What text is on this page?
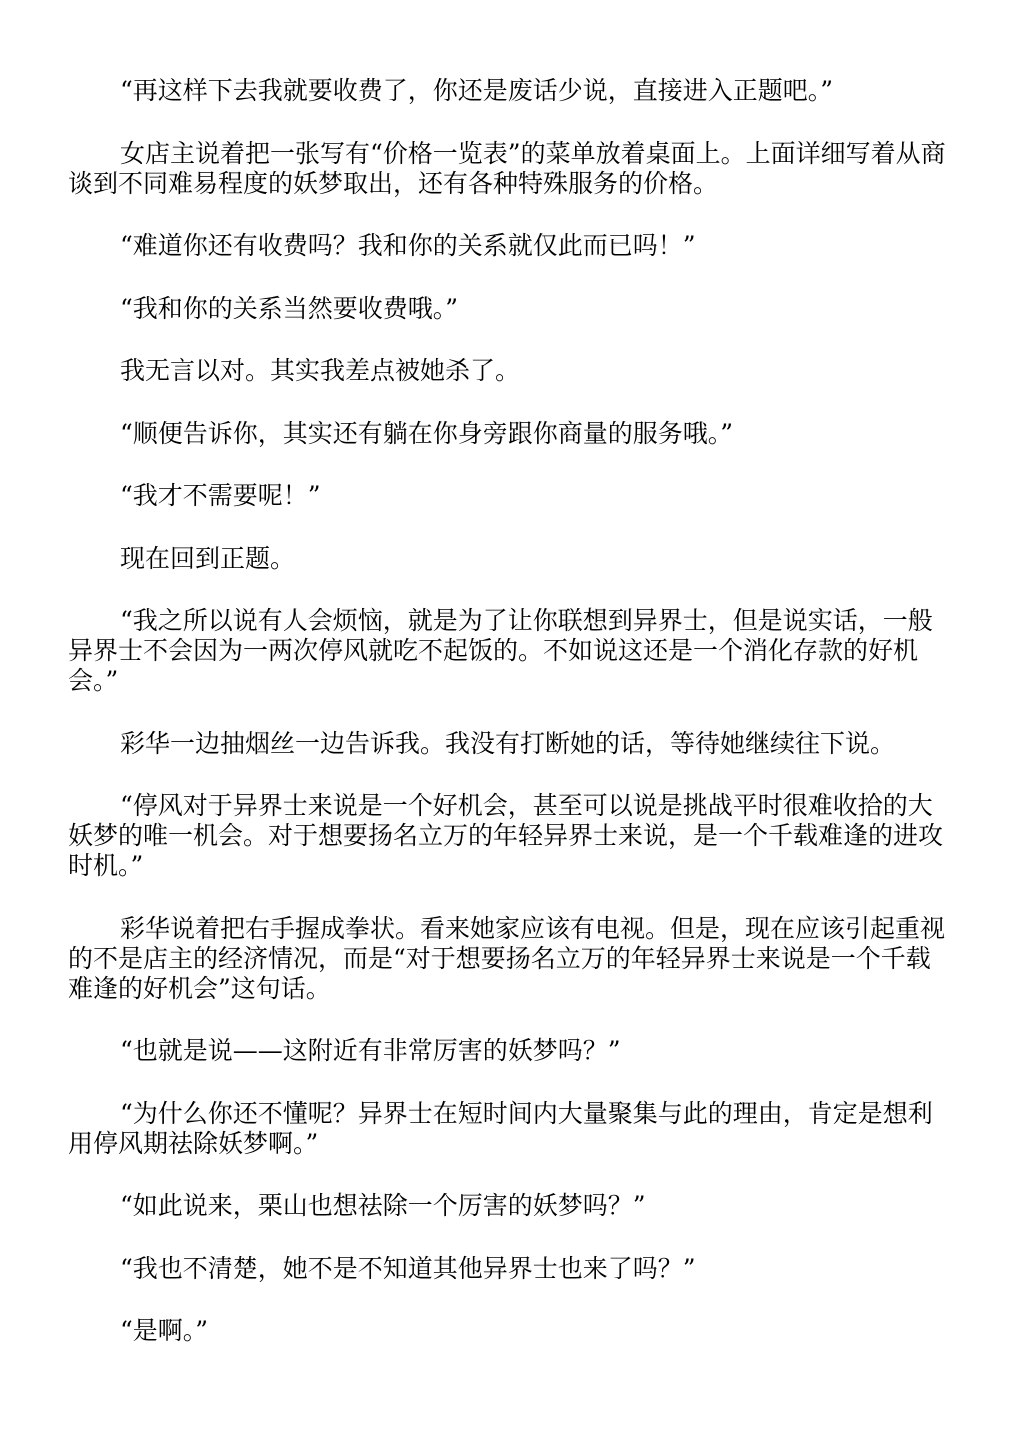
“再这样下去我就要收费了，你还是废话少说，直接进入正题吧。”

女店主说着把一张写有“价格一览表”的菜单放着桌面上。上面详细写着从商谈到不同难易程度的妖梦取出，还有各种特殊服务的价格。

“难道你还有收费吗？我和你的关系就仅此而已吗！”

“我和你的关系当然要收费哦。”

我无言以对。其实我差点被她杀了。

“顺便告诉你，其实还有躺在你身旁跟你商量的服务哦。”

“我才不需要呢！”

现在回到正题。

“我之所以说有人会烦恼，就是为了让你联想到异界士，但是说实话，一般异界士不会因为一两次停风就吃不起饭的。不如说这还是一个消化存款的好机会。”

彩华一边抽烟丝一边告诉我。我没有打断她的话，等待她继续往下说。

“停风对于异界士来说是一个好机会，甚至可以说是挑战平时很难收拾的大妖梦的唯一机会。对于想要扬名立万的年轻异界士来说，是一个千载难逢的进攻时机。”

彩华说着把右手握成拳状。看来她家应该有电视。但是，现在应该引起重视的不是店主的经济情况，而是“对于想要扬名立万的年轻异界士来说是一个千载难逢的好机会”这句话。

“也就是说——这附近有非常厉害的妖梦吗？”

“为什么你还不懂呢？异界士在短时间内大量聚集与此的理由，肯定是想利用停风期祛除妖梦啊。”

“如此说来，栗山也想祛除一个厉害的妖梦吗？”

“我也不清楚，她不是不知道其他异界士也来了吗？”

“是啊。”
